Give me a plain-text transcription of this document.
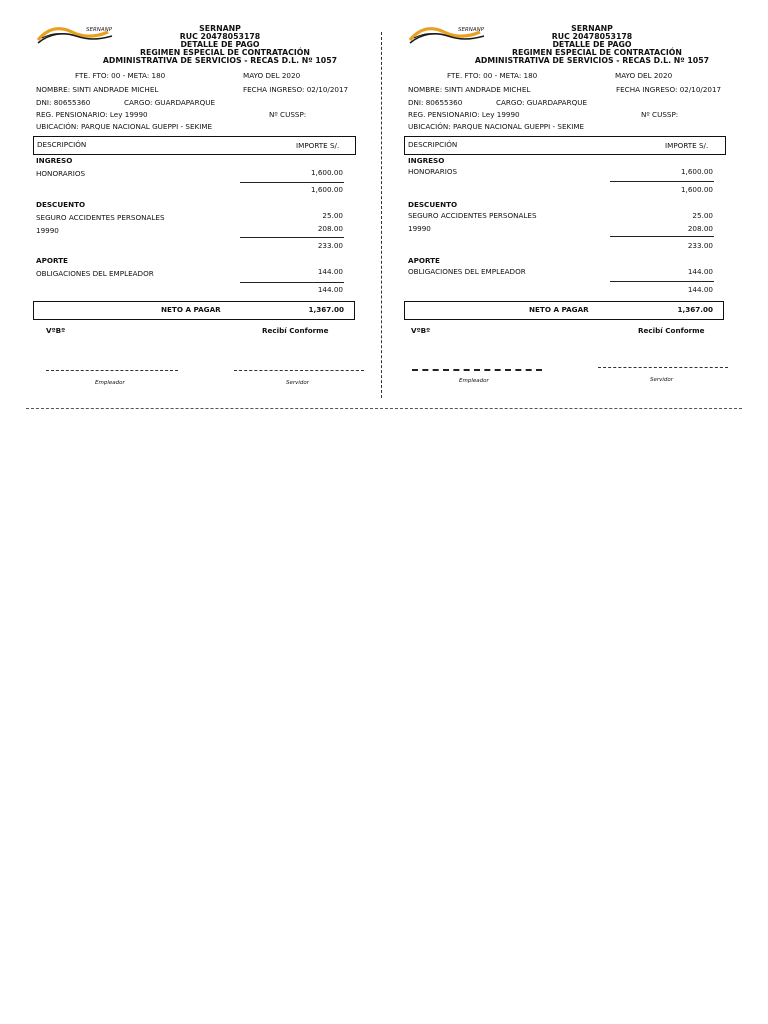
SERNANP	SERNANP
RUC 20478053178
DETALLE DE PAGO
REGIMEN ESPECIAL DE CONTRATACIÓN
ADMINISTRATIVA DE SERVICIOS - RECAS D.L. Nº 1057
FTE. FTO: 00 - META: 180	MAYO DEL 2020
NOMBRE: SINTI ANDRADE MICHEL	FECHA INGRESO: 02/10/2017
DNI: 80655360	CARGO: GUARDAPARQUE
REG. PENSIONARIO: Ley 19990	Nº CUSSP:
UBICACIÓN: PARQUE NACIONAL GUEPPI - SEKIME
DESCRIPCIÓN	IMPORTE S/.
INGRESO
HONORARIOS	1,600.00
1,600.00
DESCUENTO
SEGURO ACCIDENTES PERSONALES	25.00
19990	208.00
233.00
APORTE
OBLIGACIONES DEL EMPLEADOR	144.00
144.00
NETO A PAGAR	1,367.00
VºBº	Recibí Conforme
Empleador	Servidor
SERNANP	SERNANP
RUC 20478053178
DETALLE DE PAGO
REGIMEN ESPECIAL DE CONTRATACIÓN
ADMINISTRATIVA DE SERVICIOS - RECAS D.L. Nº 1057
FTE. FTO: 00 - META: 180	MAYO DEL 2020
NOMBRE: SINTI ANDRADE MICHEL	FECHA INGRESO: 02/10/2017
DNI: 80655360	CARGO: GUARDAPARQUE
REG. PENSIONARIO: Ley 19990	Nº CUSSP:
UBICACIÓN: PARQUE NACIONAL GUEPPI - SEKIME
DESCRIPCIÓN	IMPORTE S/.
INGRESO
HONORARIOS	1,600.00
1,600.00
DESCUENTO
SEGURO ACCIDENTES PERSONALES	25.00
19990	208.00
233.00
APORTE
OBLIGACIONES DEL EMPLEADOR	144.00
144.00
NETO A PAGAR	1,367.00
VºBº	Recibí Conforme
Empleador	Servidor
